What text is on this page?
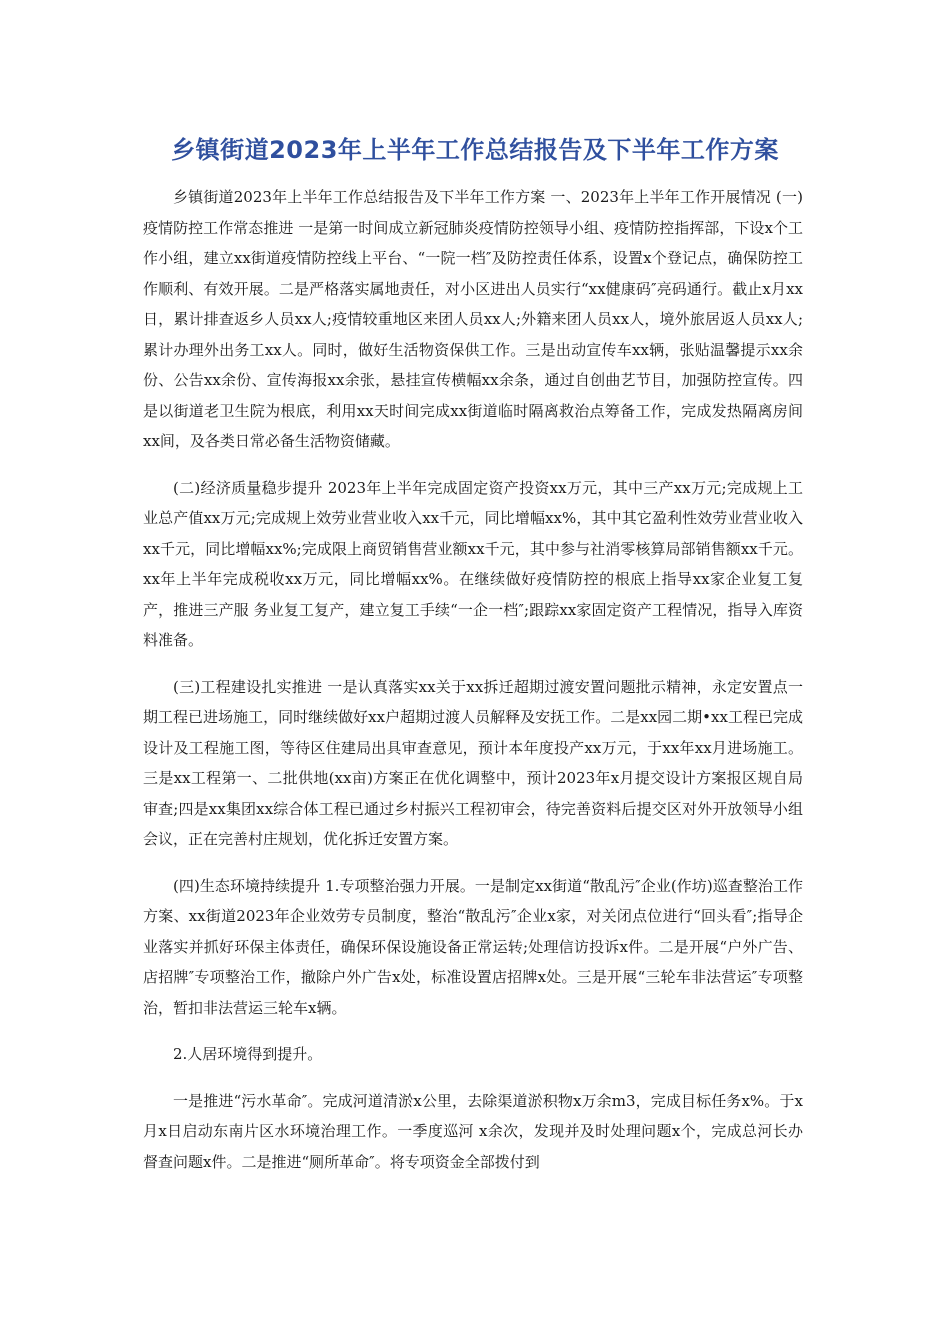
乡镇街道2023年上半年工作总结报告及下半年工作方案

乡镇街道2023年上半年工作总结报告及下半年工作方案 一、2023年上半年工作开展情况 (一)疫情防控工作常态推进 一是第一时间成立新冠肺炎疫情防控领导小组、疫情防控指挥部，下设x个工作小组，建立xx街道疫情防控线上平台、“一院一档″及防控责任体系，设置x个登记点，确保防控工作顺利、有效开展。二是严格落实属地责任，对小区进出人员实行“xx健康码″亮码通行。截止x月xx日，累计排查返乡人员xx人;疫情较重地区来团人员xx人;外籍来团人员xx人，境外旅居返人员xx人;累计办理外出务工xx人。同时，做好生活物资保供工作。三是出动宣传车xx辆，张贴温馨提示xx余份、公告xx余份、宣传海报xx余张，悬挂宣传横幅xx余条，通过自创曲艺节目，加强防控宣传。四是以街道老卫生院为根底，利用xx天时间完成xx街道临时隔离救治点筹备工作，完成发热隔离房间xx间，及各类日常必备生活物资储藏。

(二)经济质量稳步提升 2023年上半年完成固定资产投资xx万元，其中三产xx万元;完成规上工业总产值xx万元;完成规上效劳业营业收入xx千元，同比增幅xx%，其中其它盈利性效劳业营业收入xx千元，同比增幅xx%;完成限上商贸销售营业额xx千元，其中参与社消零核算局部销售额xx千元。xx年上半年完成税收xx万元，同比增幅xx%。在继续做好疫情防控的根底上指导xx家企业复工复产，推进三产服 务业复工复产，建立复工手续“一企一档″;跟踪xx家固定资产工程情况，指导入库资料准备。

(三)工程建设扎实推进 一是认真落实xx关于xx拆迁超期过渡安置问题批示精神，永定安置点一期工程已进场施工，同时继续做好xx户超期过渡人员解释及安抚工作。二是xx园二期•xx工程已完成设计及工程施工图，等待区住建局出具审查意见，预计本年度投产xx万元，于xx年xx月进场施工。三是xx工程第一、二批供地(xx亩)方案正在优化调整中，预计2023年x月提交设计方案报区规自局审查;四是xx集团xx综合体工程已通过乡村振兴工程初审会，待完善资料后提交区对外开放领导小组会议，正在完善村庄规划，优化拆迁安置方案。

(四)生态环境持续提升 1.专项整治强力开展。一是制定xx街道“散乱污″企业(作坊)巡查整治工作方案、xx街道2023年企业效劳专员制度，整治“散乱污″企业x家，对关闭点位进行“回头看″;指导企业落实并抓好环保主体责任，确保环保设施设备正常运转;处理信访投诉x件。二是开展“户外广告、店招牌″专项整治工作，撤除户外广告x处，标准设置店招牌x处。三是开展“三轮车非法营运″专项整治，暂扣非法营运三轮车x辆。

2.人居环境得到提升。

一是推进“污水革命″。完成河道清淤x公里，去除渠道淤积物x万余m3，完成目标任务x%。于x月x日启动东南片区水环境治理工作。一季度巡河 x余次，发现并及时处理问题x个，完成总河长办督查问题x件。二是推进“厕所革命″。将专项资金全部拨付到
